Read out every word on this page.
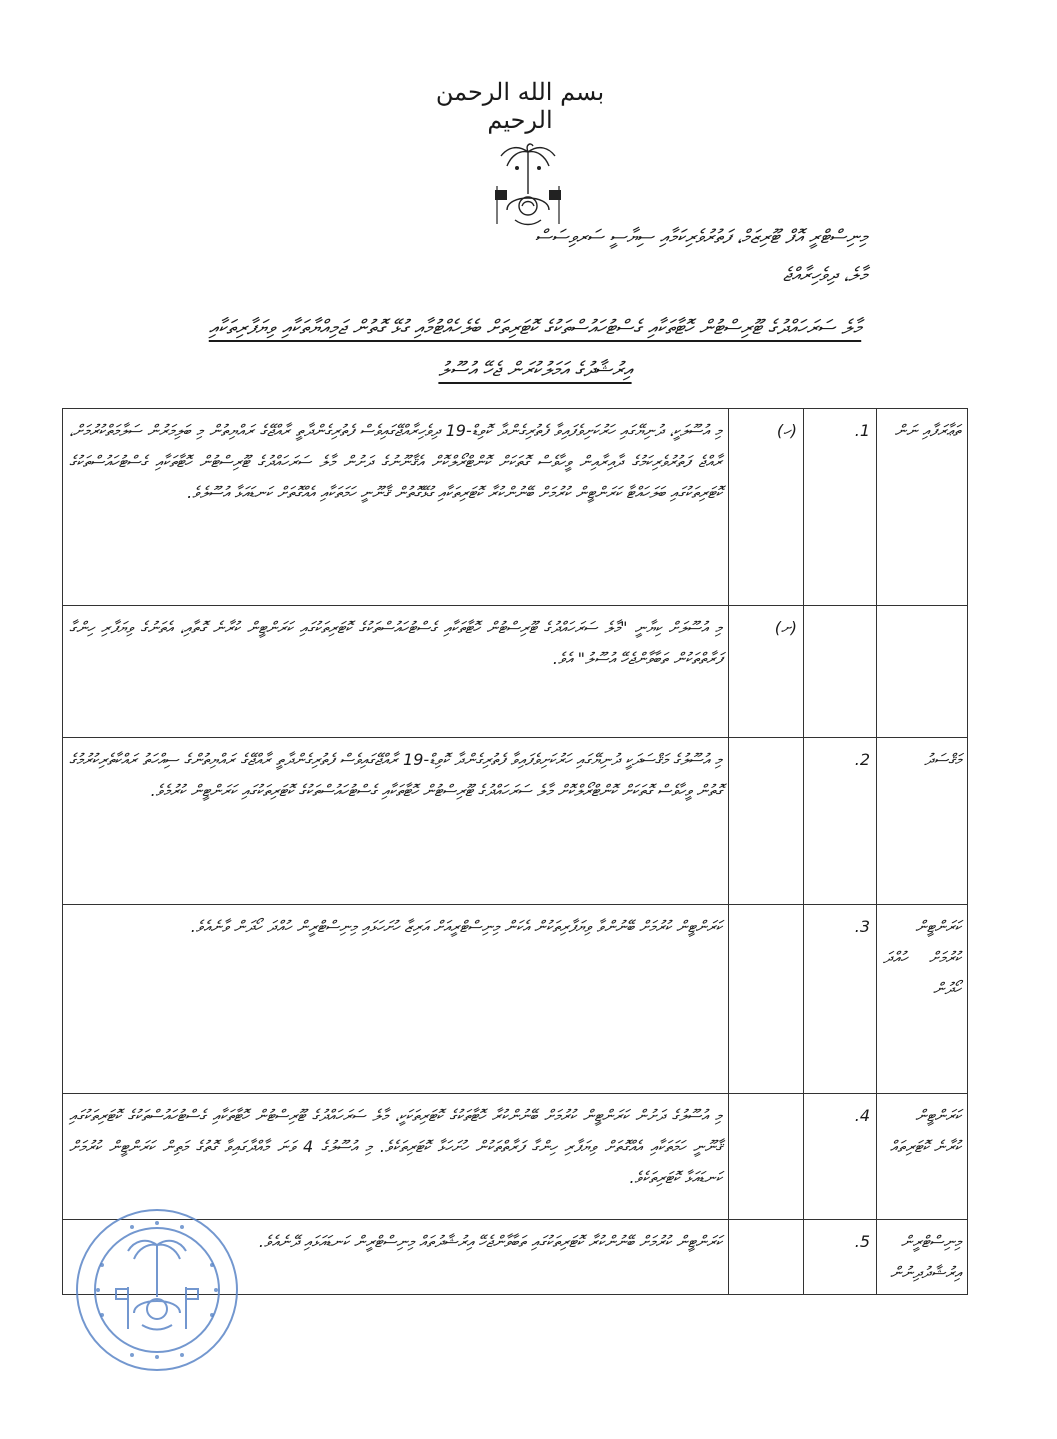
بسم الله الرحمن الرحيم
މިނިސްޓްރީ އޮފް ޓޫރިޒަމް، ފަތުރުވެރިކަމާއި ސިޔާސީ ސަރވިސަސް
މާލެ، ދިވެހިރާއްޖެ
މާލެ ސަރަހައްދުގެ ޓޫރިސްޓުން ހޮޓާތަކާއި ގެސްޓުހައުސްތަކުގެ ކޮޓަރިތަށް ބެލެހެއްޓުމާއި ގުޅޭ ގޮތުން ޖަމިއްޔާތަކާއި ވިޔަފާރިތަކާއި
އިރުޝާދުގެ އަމަލުކުރަން ޖެހޭ އުސޫލު
ތަޢާރަފާއި ނަން	1.	(ހ)	މި އުސޫލަކީ، ދުނިޔޭގައި ހަރުކަށިވެފައިވާ ފެތުރިގެންދާ ކޮވިޑް-19 ދިވެހިރާއްޖޭގައިވެސް ފެތުރިގެންދާތީ ރާއްޖޭގެ ރައްޔިތުން މި ބަލިމަރުން ސަލާމަތްކުރުމަށް، ރާއްޖެ ފަތުރުވެރިކަމުގެ ދާއިރާއިން ވީހާވެސް ގޮތަކަށް ކޮންޓްރޯލްކޮށް އެޤާނޫނުގެ ދަށުން މާލެ ސަރަހައްދުގެ ޓޫރިސްޓުން ހޮޓާތަކާއި ގެސްޓުހައުސްތަކުގެ ކޮޓަރިތަކުގައި ބަލަހައްޓާ ކަރަންޓީން ކުރުމަށް ބޭނުންކުރާ ކޮޓަރިތަކާއި ގުޅޭގޮތުން ޤާނޫނީ ހަމަތަކާއި އެއްގޮތަށް ކަނޑައަޅާ އުސޫލެވެ.
		(ށ)	މި އުސޫލަށް ކިޔާނީ "މާލެ ސަރަހައްދުގެ ޓޫރިސްޓުން ހޮޓާތަކާއި ގެސްޓުހައުސްތަކުގެ ކޮޓަރިތަކުގައި ކަރަންޓީން ކުރާނެ ގޮތާއި، އެތަނުގެ ވިޔަފާރި ހިންގާ ފަރާތްތަކުން ތަބާވާންޖެހޭ އުސޫލު" އެވެ.
މަޤްސަދު	2.		މި އުސޫލުގެ މަޤްސަދަކީ ދުނިޔޭގައި ހަރުކަށިވެފައިވާ ފެތުރިގެންދާ ކޮވިޑް-19 ރާއްޖޭގައިވެސް ފެތުރިގެންދާތީ ރާއްޖޭގެ ރައްޔިތުންގެ ސިއްހަތު ރައްކާތެރިކުރުމުގެ ގޮތުން ވީހާވެސް ގޮތަކަށް ކޮންޓްރޯލްކޮށް މާލެ ސަރަހައްދުގެ ޓޫރިސްޓުން ހޮޓާތަކާއި ގެސްޓުހައުސްތަކުގެ ކޮޓަރިތަކުގައި ކަރަންޓީން ކުރުމެވެ.
ކަރަންޓީން ކުރުމަށް ހުއްދަ ހޯދުން	3.		ކަރަންޓީން ކުރުމަށް ބޭނުންވާ ވިޔަފާރިތަކުން އެކަން މިނިސްޓްރީއަށް އަރިޒާ ހުށަހަޅައި މިނިސްޓްރީން ހުއްދަ ހޯދަން ވާނެއެވެ.
ކަރަންޓީން ކުރާނެ ކޮޓަރިތައް	4.		މި އުސޫލުގެ ދަށުން ކަރަންޓީން ކުރުމަށް ބޭނުންކުރާ ހޮޓާތަކުގެ ކޮޓަރިތަކަކީ، މާލެ ސަރަހައްދުގެ ޓޫރިސްޓުން ހޮޓާތަކާއި ގެސްޓުހައުސްތަކުގެ ކޮޓަރިތަކުގައި ޤާނޫނީ ހަމަތަކާއި އެއްގޮތަށް ވިޔަފާރި ހިންގާ ފަރާތްތަކުން ހުށަހަޅާ ކޮޓަރިތަކެވެ. މި އުސޫލުގެ 4 ވަނަ މާއްދާގައިވާ ގޮތުގެ މަތިން ކަރަންޓީން ކުރުމަށް ކަނޑައަޅާ ކޮޓަރިތަކެވެ.
މިނިސްޓްރީން އިރުޝާދުދިނުން	5.		ކަރަންޓީން ކުރުމަށް ބޭނުންކުރާ ކޮޓަރިތަކުގައި ތަބާވާންޖެހޭ އިރުޝާދުތައް މިނިސްޓްރީން ކަނޑައަޅައި ދޭނެއެވެ.
